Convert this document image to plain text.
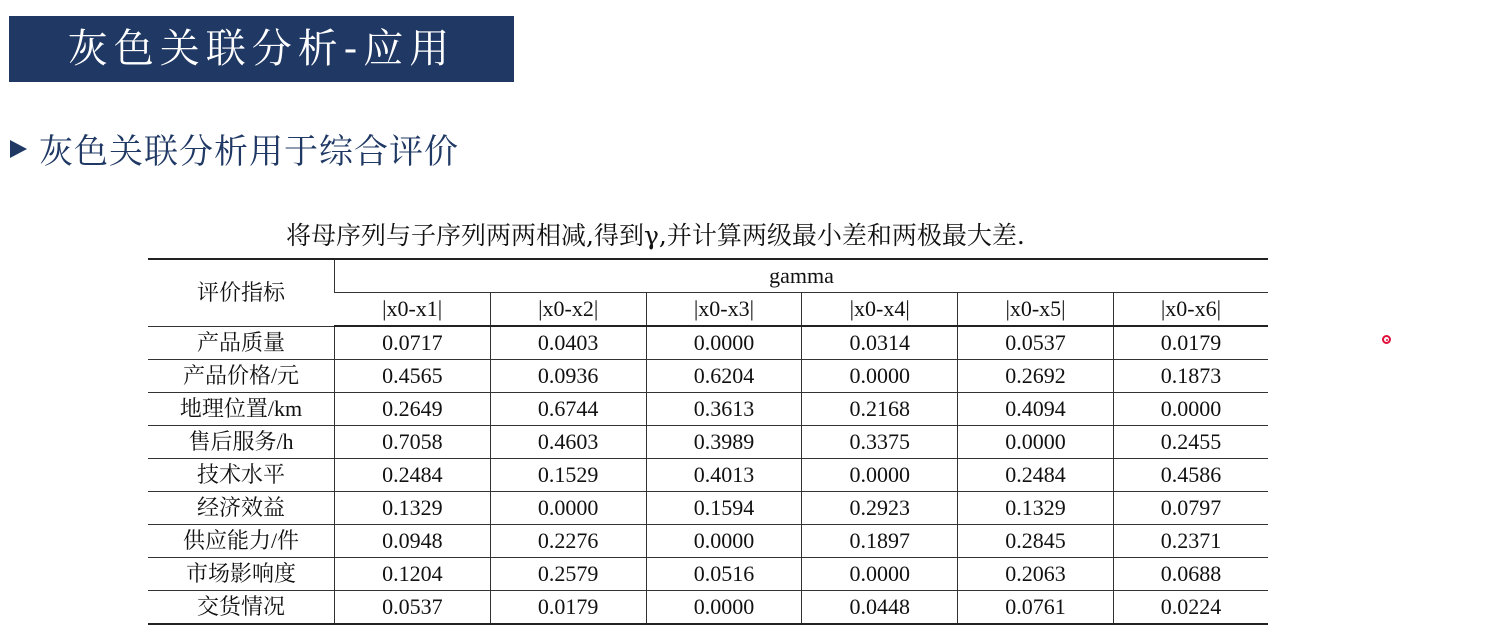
灰色关联分析-应用
灰色关联分析用于综合评价
将母序列与子序列两两相减,得到γ,并计算两级最小差和两极最大差.
评价指标	gamma					
	|x0-x1|	|x0-x2|	|x0-x3|	|x0-x4|	|x0-x5|	|x0-x6|
产品质量	0.0717	0.0403	0.0000	0.0314	0.0537	0.0179
产品价格/元	0.4565	0.0936	0.6204	0.0000	0.2692	0.1873
地理位置/km	0.2649	0.6744	0.3613	0.2168	0.4094	0.0000
售后服务/h	0.7058	0.4603	0.3989	0.3375	0.0000	0.2455
技术水平	0.2484	0.1529	0.4013	0.0000	0.2484	0.4586
经济效益	0.1329	0.0000	0.1594	0.2923	0.1329	0.0797
供应能力/件	0.0948	0.2276	0.0000	0.1897	0.2845	0.2371
市场影响度	0.1204	0.2579	0.0516	0.0000	0.2063	0.0688
交货情况	0.0537	0.0179	0.0000	0.0448	0.0761	0.0224
